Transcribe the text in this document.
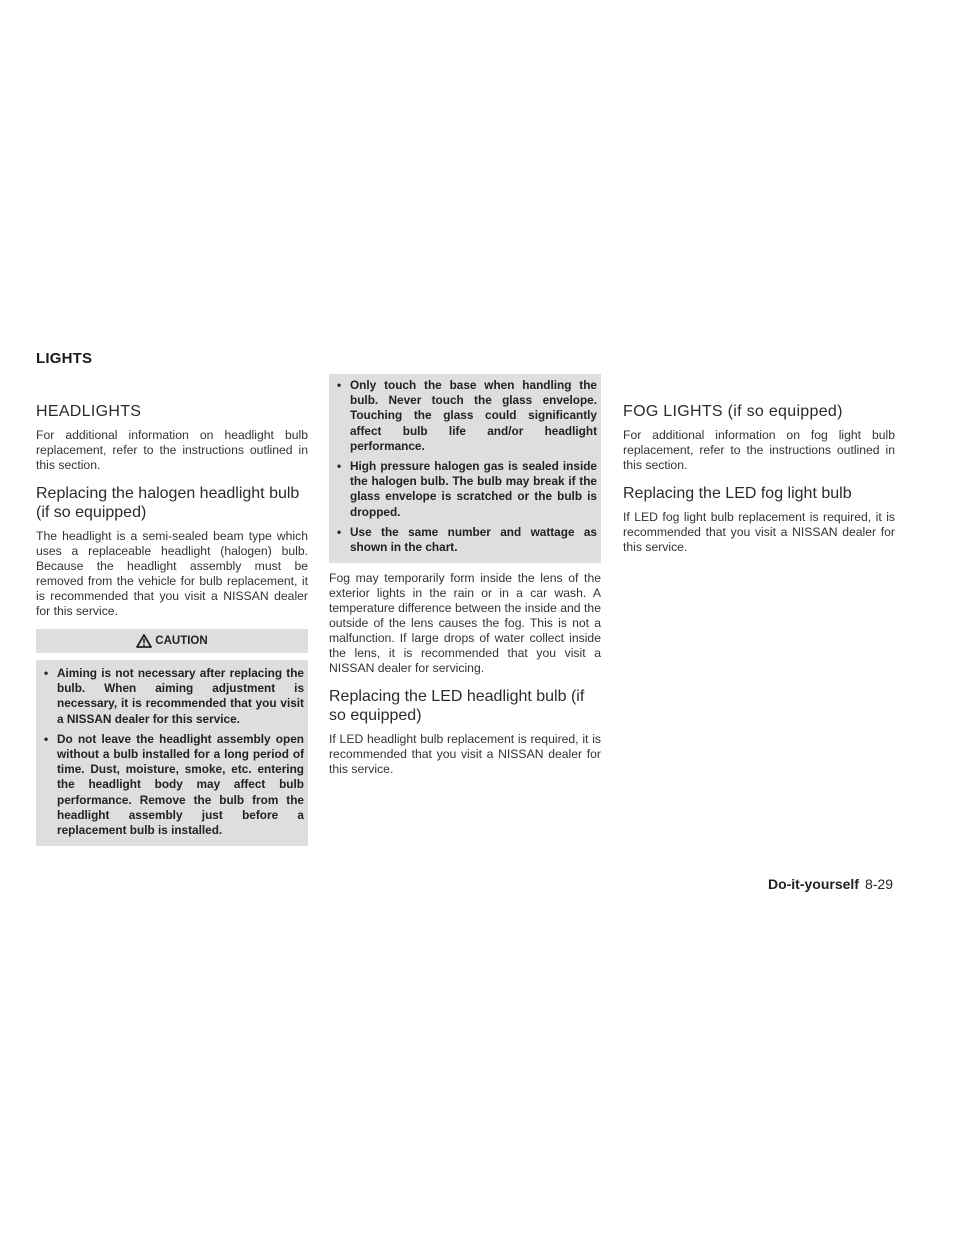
LIGHTS
HEADLIGHTS

For additional information on headlight bulb replacement, refer to the instructions outlined in this section.

Replacing the halogen headlight bulb (if so equipped)

The headlight is a semi-sealed beam type which uses a replaceable headlight (halogen) bulb. Because the headlight assembly must be removed from the vehicle for bulb replacement, it is recommended that you visit a NISSAN dealer for this service.

CAUTION
• Aiming is not necessary after replacing the bulb. When aiming adjustment is necessary, it is recommended that you visit a NISSAN dealer for this service.
• Do not leave the headlight assembly open without a bulb installed for a long period of time. Dust, moisture, smoke, etc. entering the headlight body may affect bulb performance. Remove the bulb from the headlight assembly just before a replacement bulb is installed.
• Only touch the base when handling the bulb. Never touch the glass envelope. Touching the glass could significantly affect bulb life and/or headlight performance.
• High pressure halogen gas is sealed inside the halogen bulb. The bulb may break if the glass envelope is scratched or the bulb is dropped.
• Use the same number and wattage as shown in the chart.

Fog may temporarily form inside the lens of the exterior lights in the rain or in a car wash. A temperature difference between the inside and the outside of the lens causes the fog. This is not a malfunction. If large drops of water collect inside the lens, it is recommended that you visit a NISSAN dealer for servicing.

Replacing the LED headlight bulb (if so equipped)

If LED headlight bulb replacement is required, it is recommended that you visit a NISSAN dealer for this service.

FOG LIGHTS (if so equipped)

For additional information on fog light bulb replacement, refer to the instructions outlined in this section.

Replacing the LED fog light bulb

If LED fog light bulb replacement is required, it is recommended that you visit a NISSAN dealer for this service.

Do-it-yourself 8-29
